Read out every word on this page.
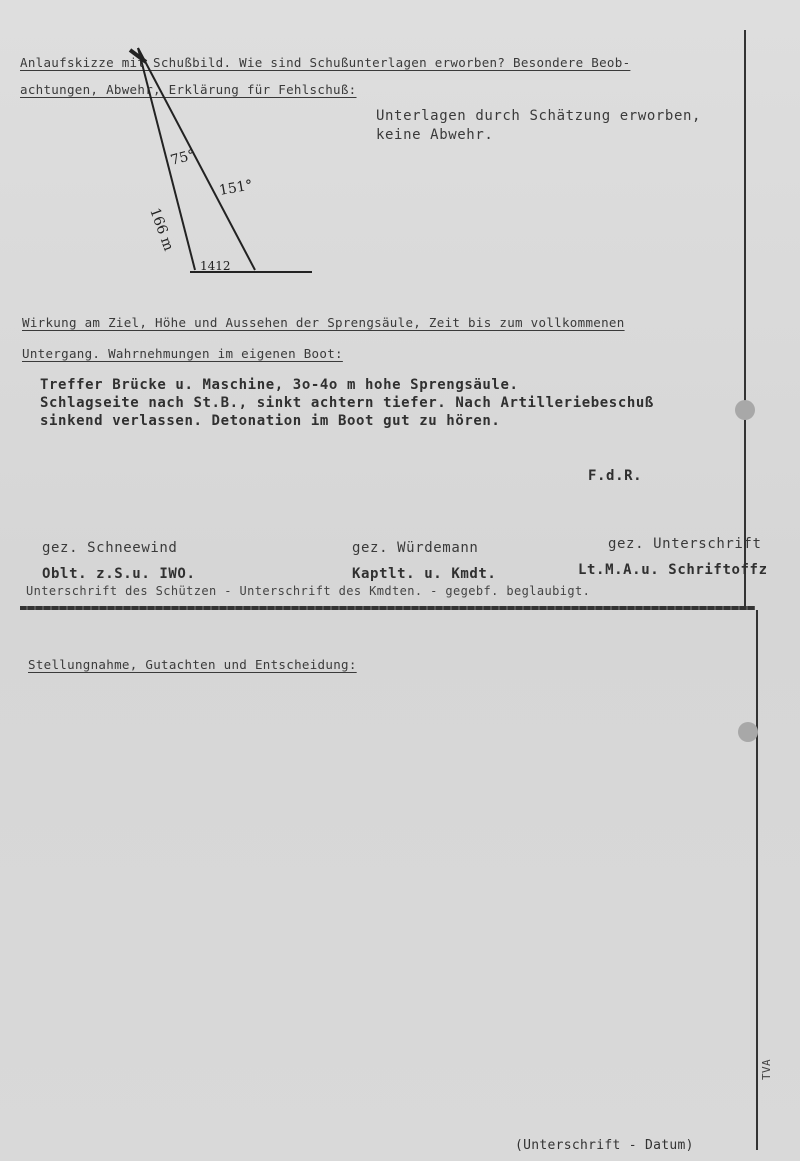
Anlaufskizze mit Schußbild. Wie sind Schußunterlagen erworben? Besondere Beob-
achtungen, Abwehr, Erklärung für Fehlschuß:
Unterlagen durch Schätzung erworben,
keine Abwehr.
75°
166 m
151°
1412
Wirkung am Ziel, Höhe und Aussehen der Sprengsäule, Zeit bis zum vollkommenen
Untergang. Wahrnehmungen im eigenen Boot:
Treffer Brücke u. Maschine, 3o-4o m hohe Sprengsäule.
Schlagseite nach St.B., sinkt achtern tiefer. Nach Artilleriebeschuß
sinkend verlassen. Detonation im Boot gut zu hören.
F.d.R.
gez. Schneewind
Oblt. z.S.u. IWO.
gez. Würdemann
Kaptlt. u. Kmdt.
gez. Unterschrift
Lt.M.A.u. Schriftoffz
Unterschrift des Schützen - Unterschrift des Kmdten. - gegebf. beglaubigt.
Stellungnahme, Gutachten und Entscheidung:
TVA
(Unterschrift - Datum)
